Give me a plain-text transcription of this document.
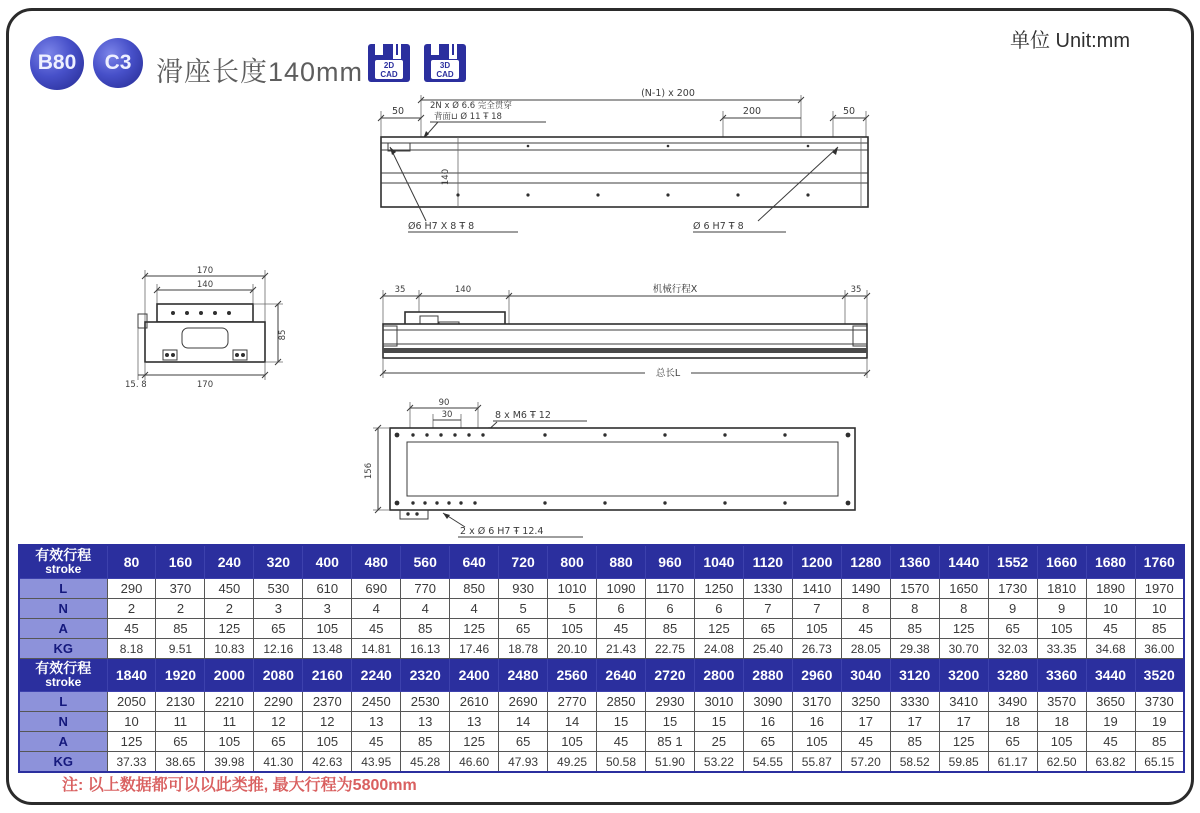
B80 C3 滑座长度140mm	2D
CAD
3D
CAD
单位 Unit:mm
(N-1) x 200
50	200	50
2N x Ø 6.6 完全贯穿
背面⊔ Ø 11 Ŧ 18
140
Ø6 H7 X 8 Ŧ 8	Ø 6 H7 Ŧ 8
170
140
85
15. 8	170
35	140	机械行程X	35
总长L
90
30	8 x M6 Ŧ 12
156
2 x Ø 6 H7 Ŧ 12.4
有效行程
stroke	80	160	240	320	400	480	560	640	720	800	880	960	1040	1120	1200	1280	1360	1440	1552	1660	1680	1760
L	290	370	450	530	610	690	770	850	930	1010	1090	1170	1250	1330	1410	1490	1570	1650	1730	1810	1890	1970
N	2	2	2	3	3	4	4	4	5	5	6	6	6	7	7	8	8	8	9	9	10	10
A	45	85	125	65	105	45	85	125	65	105	45	85	125	65	105	45	85	125	65	105	45	85
KG	8.18	9.51	10.83	12.16	13.48	14.81	16.13	17.46	18.78	20.10	21.43	22.75	24.08	25.40	26.73	28.05	29.38	30.70	32.03	33.35	34.68	36.00

有效行程
stroke	1840	1920	2000	2080	2160	2240	2320	2400	2480	2560	2640	2720	2800	2880	2960	3040	3120	3200	3280	3360	3440	3520
L	2050	2130	2210	2290	2370	2450	2530	2610	2690	2770	2850	2930	3010	3090	3170	3250	3330	3410	3490	3570	3650	3730
N	10	11	11	12	12	13	13	13	14	14	15	15	15	16	16	17	17	17	18	18	19	19
A	125	65	105	65	105	45	85	125	65	105	45	85 1	25	65	105	45	85	125	65	105	45	85
KG	37.33	38.65	39.98	41.30	42.63	43.95	45.28	46.60	47.93	49.25	50.58	51.90	53.22	54.55	55.87	57.20	58.52	59.85	61.17	62.50	63.82	65.15
注: 以上数据都可以以此类推, 最大行程为5800mm
